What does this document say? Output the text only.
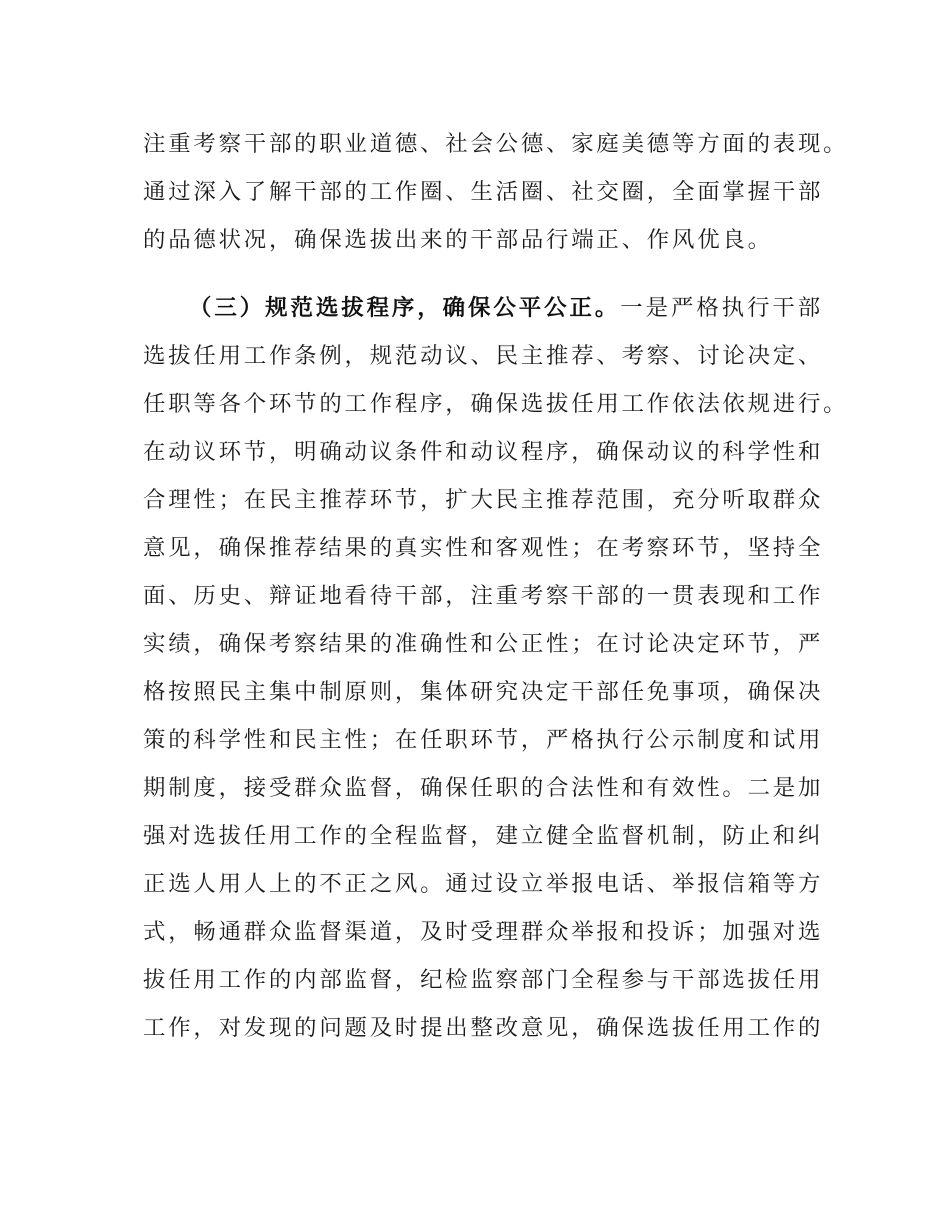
注重考察干部的职业道德、社会公德、家庭美德等方面的表现。
通过深入了解干部的工作圈、生活圈、社交圈，全面掌握干部
的品德状况，确保选拔出来的干部品行端正、作风优良。
（三）规范选拔程序，确保公平公正。一是严格执行干部
选拔任用工作条例，规范动议、民主推荐、考察、讨论决定、
任职等各个环节的工作程序，确保选拔任用工作依法依规进行。
在动议环节，明确动议条件和动议程序，确保动议的科学性和
合理性；在民主推荐环节，扩大民主推荐范围，充分听取群众
意见，确保推荐结果的真实性和客观性；在考察环节，坚持全
面、历史、辩证地看待干部，注重考察干部的一贯表现和工作
实绩，确保考察结果的准确性和公正性；在讨论决定环节，严
格按照民主集中制原则，集体研究决定干部任免事项，确保决
策的科学性和民主性；在任职环节，严格执行公示制度和试用
期制度，接受群众监督，确保任职的合法性和有效性。二是加
强对选拔任用工作的全程监督，建立健全监督机制，防止和纠
正选人用人上的不正之风。通过设立举报电话、举报信箱等方
式，畅通群众监督渠道，及时受理群众举报和投诉；加强对选
拔任用工作的内部监督，纪检监察部门全程参与干部选拔任用
工作，对发现的问题及时提出整改意见，确保选拔任用工作的
